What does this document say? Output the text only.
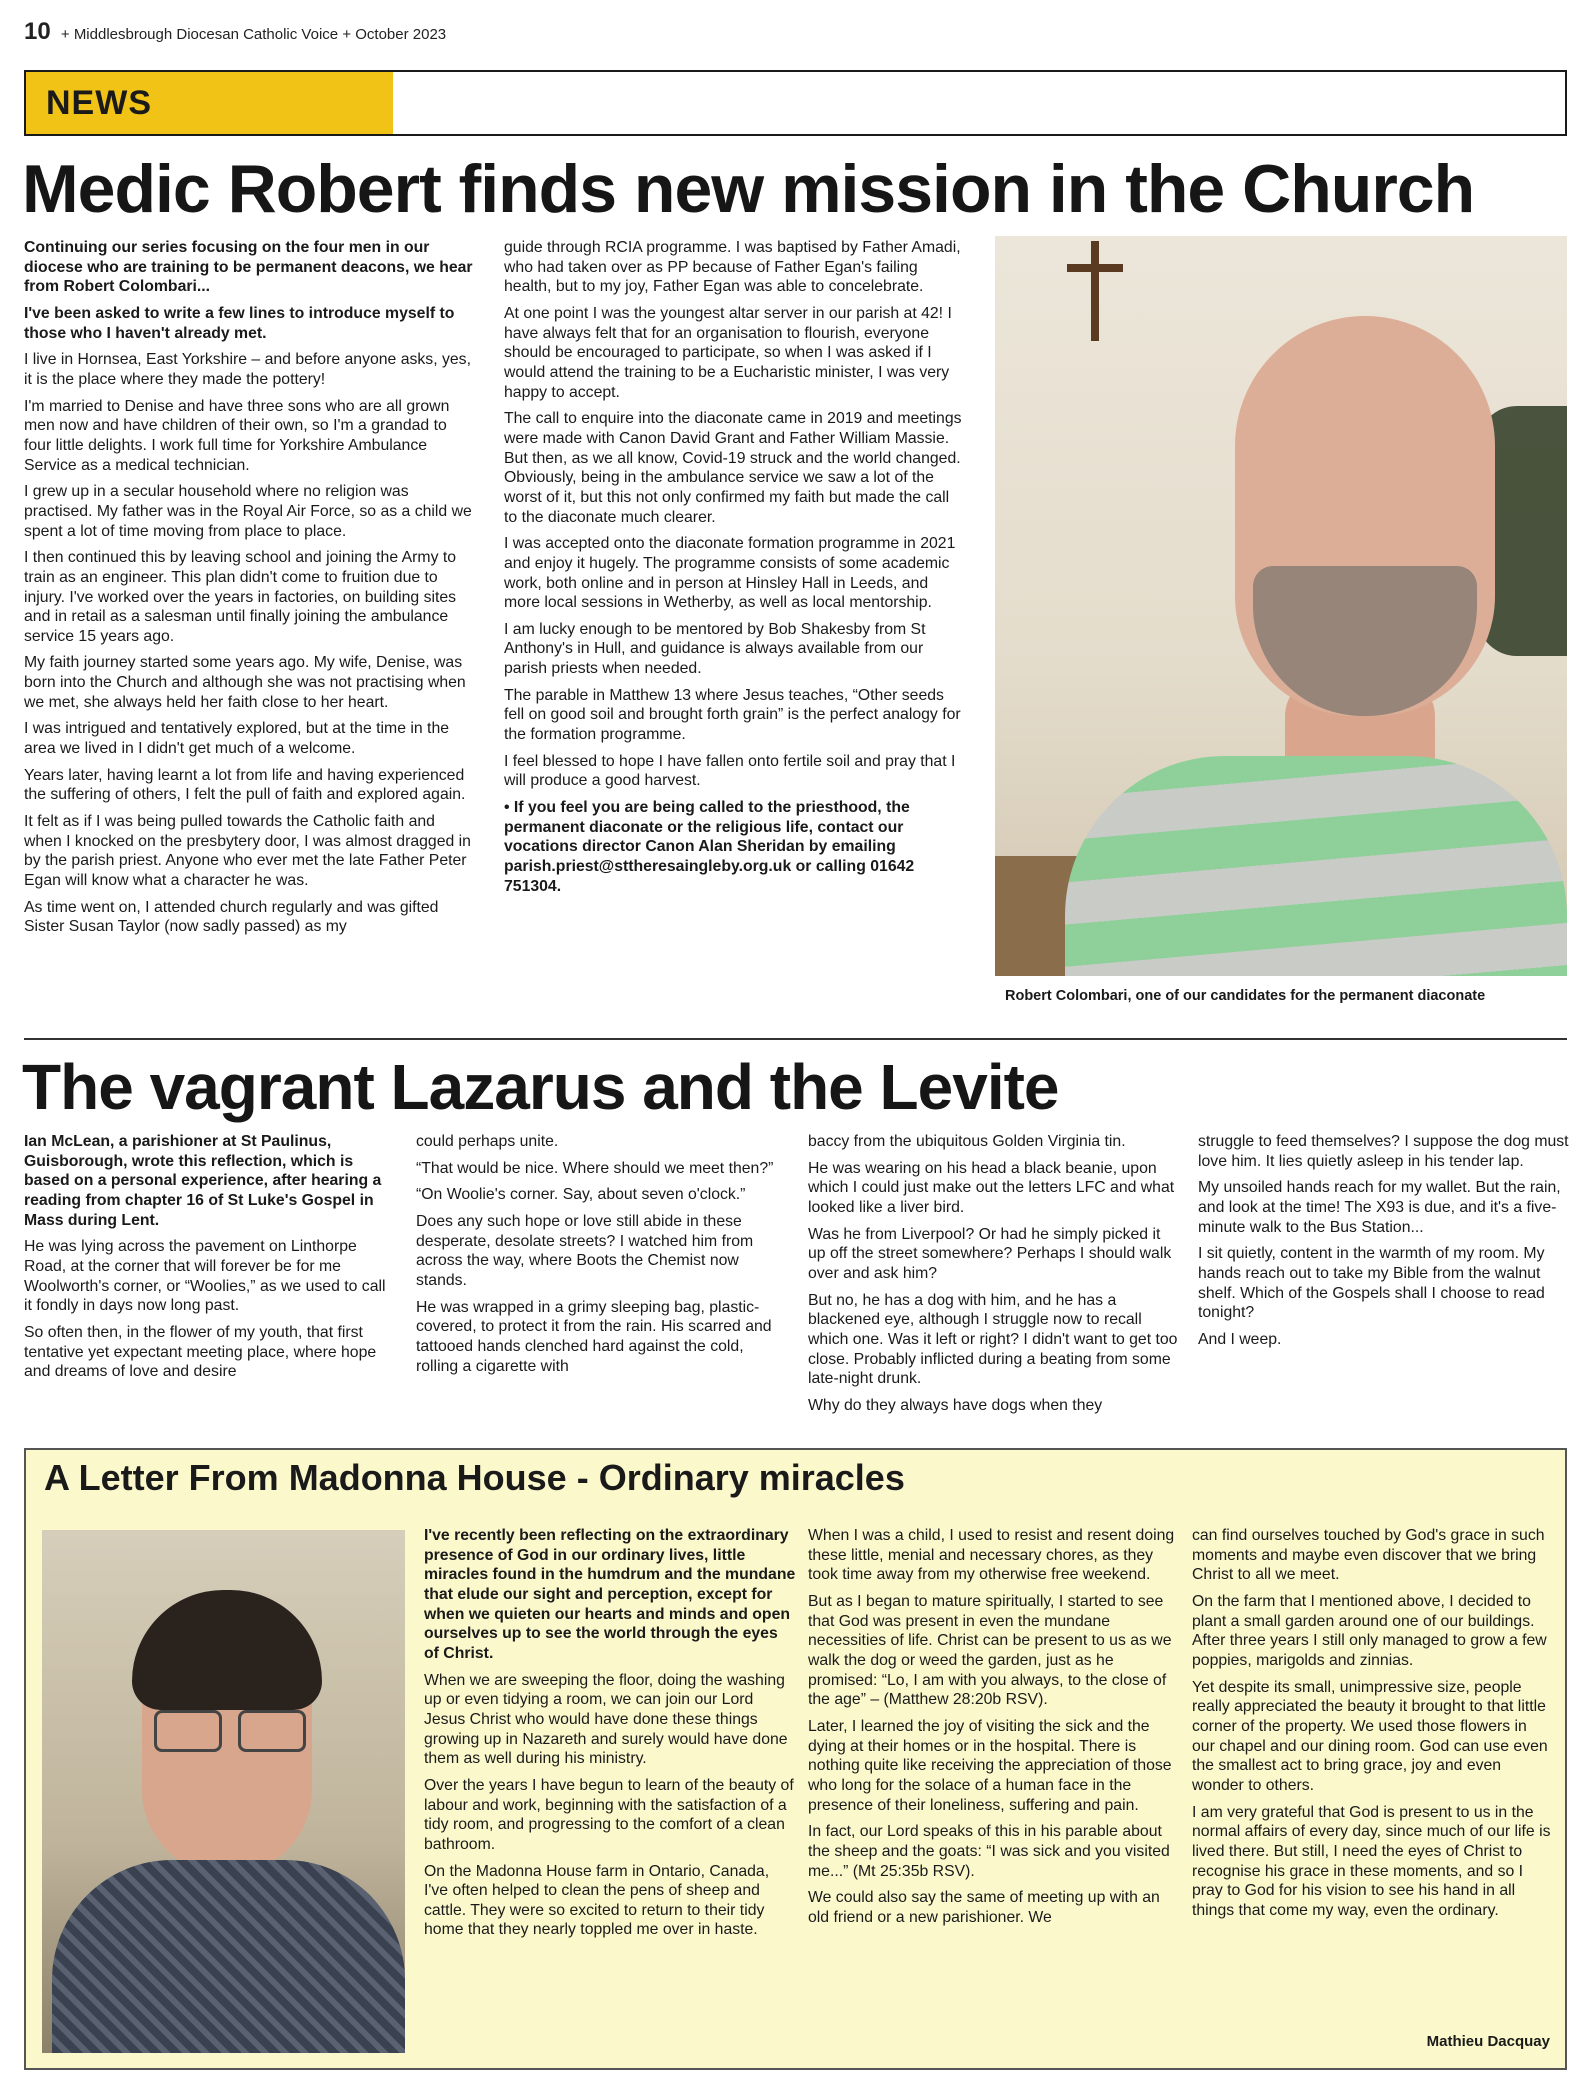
10 + Middlesbrough Diocesan Catholic Voice + October 2023
NEWS
Medic Robert finds new mission in the Church

Continuing our series focusing on the four men in our diocese who are training to be permanent deacons, we hear from Robert Colombari...

I've been asked to write a few lines to introduce myself to those who I haven't already met.

I live in Hornsea, East Yorkshire – and before anyone asks, yes, it is the place where they made the pottery!

I'm married to Denise and have three sons who are all grown men now and have children of their own, so I'm a grandad to four little delights. I work full time for Yorkshire Ambulance Service as a medical technician.

I grew up in a secular household where no religion was practised. My father was in the Royal Air Force, so as a child we spent a lot of time moving from place to place.

I then continued this by leaving school and joining the Army to train as an engineer. This plan didn't come to fruition due to injury. I've worked over the years in factories, on building sites and in retail as a salesman until finally joining the ambulance service 15 years ago.

My faith journey started some years ago. My wife, Denise, was born into the Church and although she was not practising when we met, she always held her faith close to her heart.

I was intrigued and tentatively explored, but at the time in the area we lived in I didn't get much of a welcome.

Years later, having learnt a lot from life and having experienced the suffering of others, I felt the pull of faith and explored again.

It felt as if I was being pulled towards the Catholic faith and when I knocked on the presbytery door, I was almost dragged in by the parish priest. Anyone who ever met the late Father Peter Egan will know what a character he was.

As time went on, I attended church regularly and was gifted Sister Susan Taylor (now sadly passed) as my

guide through RCIA programme. I was baptised by Father Amadi, who had taken over as PP because of Father Egan's failing health, but to my joy, Father Egan was able to concelebrate.

At one point I was the youngest altar server in our parish at 42! I have always felt that for an organisation to flourish, everyone should be encouraged to participate, so when I was asked if I would attend the training to be a Eucharistic minister, I was very happy to accept.

The call to enquire into the diaconate came in 2019 and meetings were made with Canon David Grant and Father William Massie. But then, as we all know, Covid-19 struck and the world changed. Obviously, being in the ambulance service we saw a lot of the worst of it, but this not only confirmed my faith but made the call to the diaconate much clearer.

I was accepted onto the diaconate formation programme in 2021 and enjoy it hugely. The programme consists of some academic work, both online and in person at Hinsley Hall in Leeds, and more local sessions in Wetherby, as well as local mentorship.

I am lucky enough to be mentored by Bob Shakesby from St Anthony's in Hull, and guidance is always available from our parish priests when needed.

The parable in Matthew 13 where Jesus teaches, “Other seeds fell on good soil and brought forth grain” is the perfect analogy for the formation programme.

I feel blessed to hope I have fallen onto fertile soil and pray that I will produce a good harvest.

• If you feel you are being called to the priesthood, the permanent diaconate or the religious life, contact our vocations director Canon Alan Sheridan by emailing parish.priest@sttheresaingleby.org.uk or calling 01642 751304.

Robert Colombari, one of our candidates for the permanent diaconate
The vagrant Lazarus and the Levite

Ian McLean, a parishioner at St Paulinus, Guisborough, wrote this reflection, which is based on a personal experience, after hearing a reading from chapter 16 of St Luke's Gospel in Mass during Lent.

He was lying across the pavement on Linthorpe Road, at the corner that will forever be for me Woolworth's corner, or “Woolies,” as we used to call it fondly in days now long past.

So often then, in the flower of my youth, that first tentative yet expectant meeting place, where hope and dreams of love and desire

could perhaps unite.

“That would be nice. Where should we meet then?”

“On Woolie's corner. Say, about seven o'clock.”

Does any such hope or love still abide in these desperate, desolate streets? I watched him from across the way, where Boots the Chemist now stands.

He was wrapped in a grimy sleeping bag, plastic-covered, to protect it from the rain. His scarred and tattooed hands clenched hard against the cold, rolling a cigarette with

baccy from the ubiquitous Golden Virginia tin.

He was wearing on his head a black beanie, upon which I could just make out the letters LFC and what looked like a liver bird.

Was he from Liverpool? Or had he simply picked it up off the street somewhere? Perhaps I should walk over and ask him?

But no, he has a dog with him, and he has a blackened eye, although I struggle now to recall which one. Was it left or right? I didn't want to get too close. Probably inflicted during a beating from some late-night drunk.

Why do they always have dogs when they

struggle to feed themselves? I suppose the dog must love him. It lies quietly asleep in his tender lap.

My unsoiled hands reach for my wallet. But the rain, and look at the time! The X93 is due, and it's a five-minute walk to the Bus Station...

I sit quietly, content in the warmth of my room. My hands reach out to take my Bible from the walnut shelf. Which of the Gospels shall I choose to read tonight?

And I weep.

A Letter From Madonna House - Ordinary miracles

I've recently been reflecting on the extraordinary presence of God in our ordinary lives, little miracles found in the humdrum and the mundane that elude our sight and perception, except for when we quieten our hearts and minds and open ourselves up to see the world through the eyes of Christ.

When we are sweeping the floor, doing the washing up or even tidying a room, we can join our Lord Jesus Christ who would have done these things growing up in Nazareth and surely would have done them as well during his ministry.

Over the years I have begun to learn of the beauty of labour and work, beginning with the satisfaction of a tidy room, and progressing to the comfort of a clean bathroom.

On the Madonna House farm in Ontario, Canada, I've often helped to clean the pens of sheep and cattle. They were so excited to return to their tidy home that they nearly toppled me over in haste.

When I was a child, I used to resist and resent doing these little, menial and necessary chores, as they took time away from my otherwise free weekend.

But as I began to mature spiritually, I started to see that God was present in even the mundane necessities of life. Christ can be present to us as we walk the dog or weed the garden, just as he promised: “Lo, I am with you always, to the close of the age” – (Matthew 28:20b RSV).

Later, I learned the joy of visiting the sick and the dying at their homes or in the hospital. There is nothing quite like receiving the appreciation of those who long for the solace of a human face in the presence of their loneliness, suffering and pain.

In fact, our Lord speaks of this in his parable about the sheep and the goats: “I was sick and you visited me...” (Mt 25:35b RSV).

We could also say the same of meeting up with an old friend or a new parishioner. We

can find ourselves touched by God's grace in such moments and maybe even discover that we bring Christ to all we meet.

On the farm that I mentioned above, I decided to plant a small garden around one of our buildings. After three years I still only managed to grow a few poppies, marigolds and zinnias.

Yet despite its small, unimpressive size, people really appreciated the beauty it brought to that little corner of the property. We used those flowers in our chapel and our dining room. God can use even the smallest act to bring grace, joy and even wonder to others.

I am very grateful that God is present to us in the normal affairs of every day, since much of our life is lived there. But still, I need the eyes of Christ to recognise his grace in these moments, and so I pray to God for his vision to see his hand in all things that come my way, even the ordinary.

Mathieu Dacquay
